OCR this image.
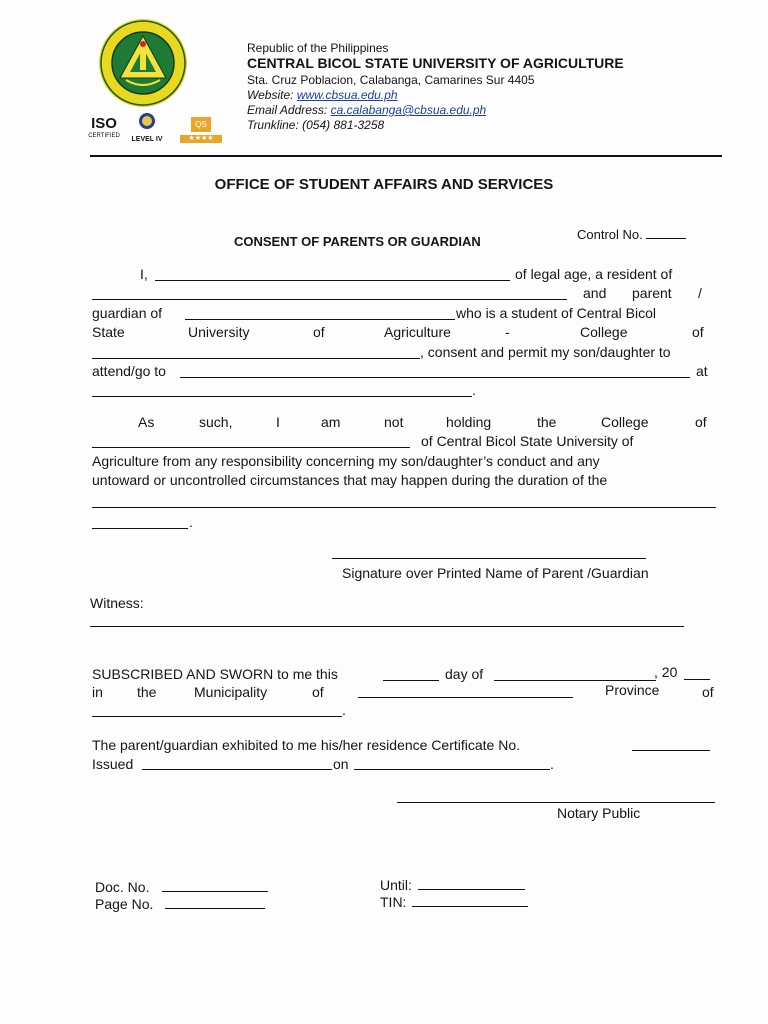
ISO
CERTIFIED	LEVEL IV
QS
★★★★
Republic of the Philippines
CENTRAL BICOL STATE UNIVERSITY OF AGRICULTURE
Sta. Cruz Poblacion, Calabanga, Camarines Sur 4405
Website: www.cbsua.edu.ph
Email Address: ca.calabanga@cbsua.edu.ph
Trunkline: (054) 881-3258
OFFICE OF STUDENT AFFAIRS AND SERVICES
Control No.
CONSENT OF PARENTS OR GUARDIAN
I,	of legal age, a resident of
and parent /
guardian of	who is a student of Central Bicol
State	University	of	Agriculture	-	College	of
, consent and permit my son/daughter to
attend/go to	at
.
As	such,	I	am	not	holding	the	College	of
of Central Bicol State University of
Agriculture from any responsibility concerning my son/daughter’s conduct and any
untoward or uncontrolled circumstances that may happen during the duration of the
.
Signature over Printed Name of Parent /Guardian
Witness:
SUBSCRIBED AND SWORN to me this	day of	, 20
in the	Municipality	of	Province	of
.
The parent/guardian exhibited to me his/her residence Certificate No.
Issued	on	.
Notary Public
Doc. No.
Page No.
Until:
TIN:
